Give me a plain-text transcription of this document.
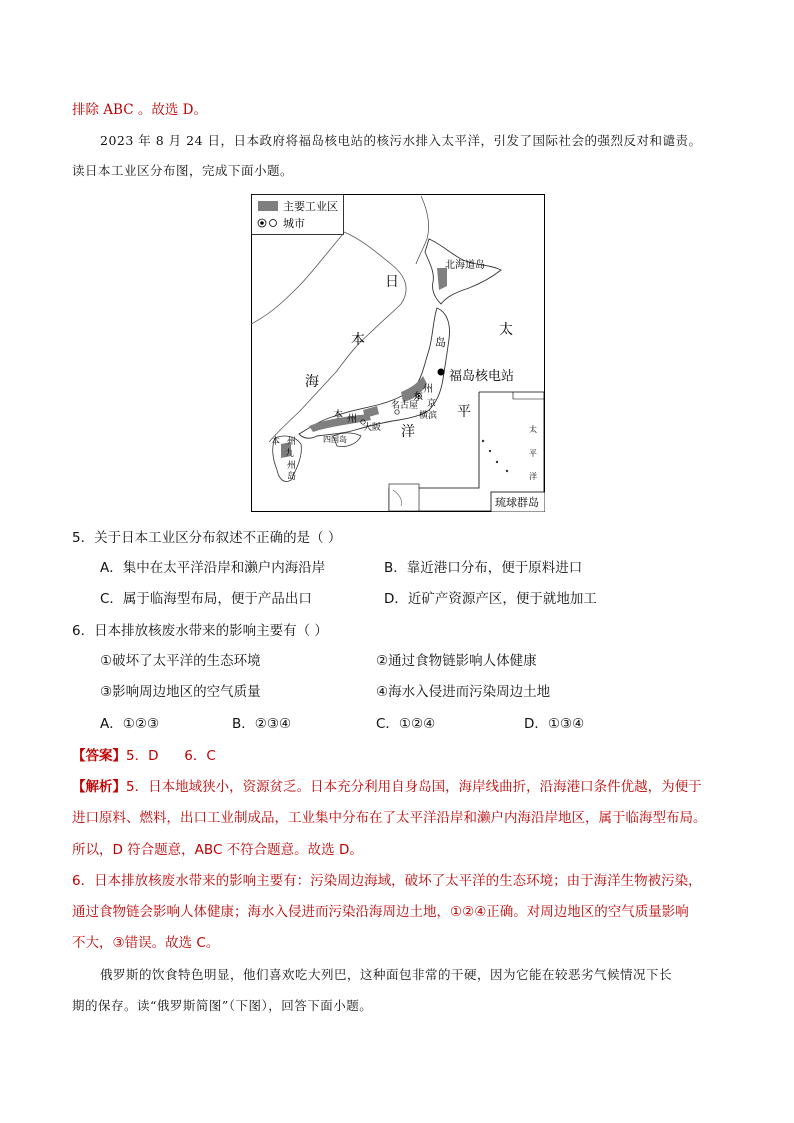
排除 ABC 。故选 D。
2023 年 8 月 24 日，日本政府将福岛核电站的核污水排入太平洋，引发了国际社会的强烈反对和谴责。
读日本工业区分布图，完成下面小题。
主要工业区
城市
日
本
海
太
平
洋
北海道岛
岛
福岛核电站
州
东
京
横滨
名古屋
大阪
四国岛
本 州
本 州
九
州
岛
太
平
洋
琉球群岛
5．关于日本工业区分布叙述不正确的是（ ）
A．集中在太平洋沿岸和濑户内海沿岸	B．靠近港口分布，便于原料进口
C．属于临海型布局，便于产品出口	D．近矿产资源产区，便于就地加工
6．日本排放核废水带来的影响主要有（ ）
①破坏了太平洋的生态环境	②通过食物链影响人体健康
③影响周边地区的空气质量	④海水入侵进而污染周边土地
A．①②③	B．②③④	C．①②④	D．①③④
【答案】5．D      6．C
【解析】5．日本地域狭小，资源贫乏。日本充分利用自身岛国，海岸线曲折，沿海港口条件优越，为便于
进口原料、燃料，出口工业制成品，工业集中分布在了太平洋沿岸和濑户内海沿岸地区，属于临海型布局。
所以，D 符合题意，ABC 不符合题意。故选 D。
6．日本排放核废水带来的影响主要有：污染周边海域，破坏了太平洋的生态环境；由于海洋生物被污染，
通过食物链会影响人体健康；海水入侵进而污染沿海周边土地，①②④正确。对周边地区的空气质量影响
不大，③错误。故选 C。
俄罗斯的饮食特色明显，他们喜欢吃大列巴，这种面包非常的干硬，因为它能在较恶劣气候情况下长
期的保存。读“俄罗斯简图”（下图），回答下面小题。
